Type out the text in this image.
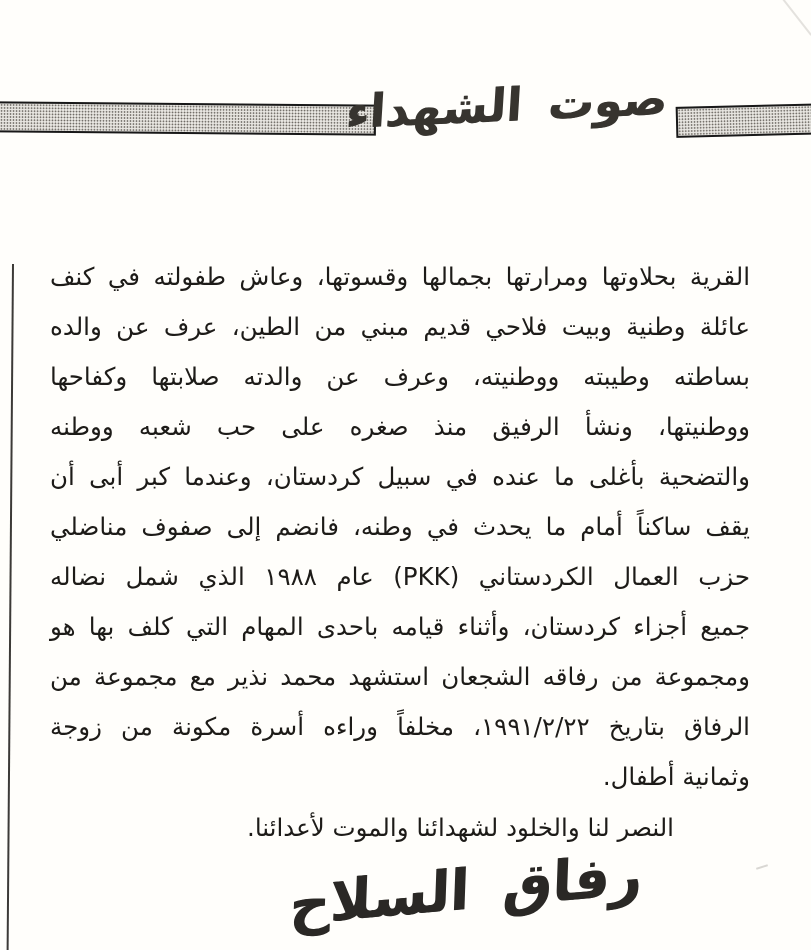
صوت الشهداء
القرية بحلاوتها ومرارتها بجمالها وقسوتها، وعاش طفولته في كنف
عائلة وطنية وبيت فلاحي قديم مبني من الطين، عرف عن والده
بساطته وطيبته ووطنيته، وعرف عن والدته صلابتها وكفاحها
ووطنيتها، ونشأ الرفيق منذ صغره على حب شعبه ووطنه
والتضحية بأغلى ما عنده في سبيل كردستان، وعندما كبر أبى أن
يقف ساكناً أمام ما يحدث في وطنه، فانضم إلى صفوف مناضلي
حزب العمال الكردستاني (PKK) عام ١٩٨٨ الذي شمل نضاله
جميع أجزاء كردستان، وأثناء قيامه باحدى المهام التي كلف بها هو
ومجموعة من رفاقه الشجعان استشهد محمد نذير مع مجموعة من
الرفاق بتاريخ ١٩٩١/٢/٢٢، مخلفاً وراءه أسرة مكونة من زوجة
وثمانية أطفال.
النصر لنا والخلود لشهدائنا والموت لأعدائنا.
رفاق السلاح
